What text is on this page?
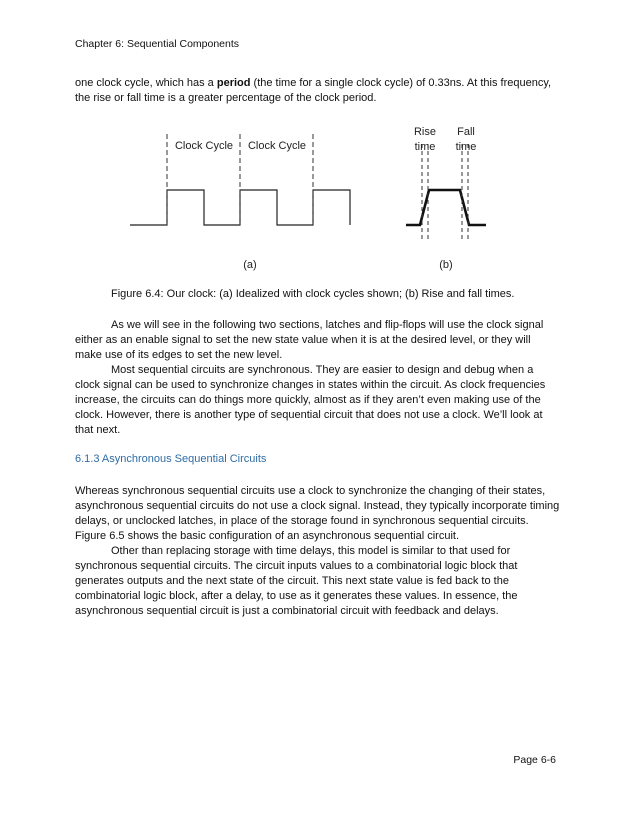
Chapter 6: Sequential Components

one clock cycle, which has a period (the time for a single clock cycle) of 0.33ns. At this frequency, the rise or fall time is a greater percentage of the clock period.

Clock Cycle Clock Cycle
(a)
Rise
time
Fall
time
(b)
Figure 6.4: Our clock: (a) Idealized with clock cycles shown; (b) Rise and fall times.

As we will see in the following two sections, latches and flip-flops will use the clock signal either as an enable signal to set the new state value when it is at the desired level, or they will make use of its edges to set the new level.

Most sequential circuits are synchronous. They are easier to design and debug when a clock signal can be used to synchronize changes in states within the circuit. As clock frequencies increase, the circuits can do things more quickly, almost as if they aren’t even making use of the clock. However, there is another type of sequential circuit that does not use a clock. We’ll look at that next.

6.1.3 Asynchronous Sequential Circuits

Whereas synchronous sequential circuits use a clock to synchronize the changing of their states, asynchronous sequential circuits do not use a clock signal. Instead, they typically incorporate timing delays, or unclocked latches, in place of the storage found in synchronous sequential circuits. Figure 6.5 shows the basic configuration of an asynchronous sequential circuit.

Other than replacing storage with time delays, this model is similar to that used for synchronous sequential circuits. The circuit inputs values to a combinatorial logic block that generates outputs and the next state of the circuit. This next state value is fed back to the combinatorial logic block, after a delay, to use as it generates these values. In essence, the asynchronous sequential circuit is just a combinatorial circuit with feedback and delays.

Page 6-6
